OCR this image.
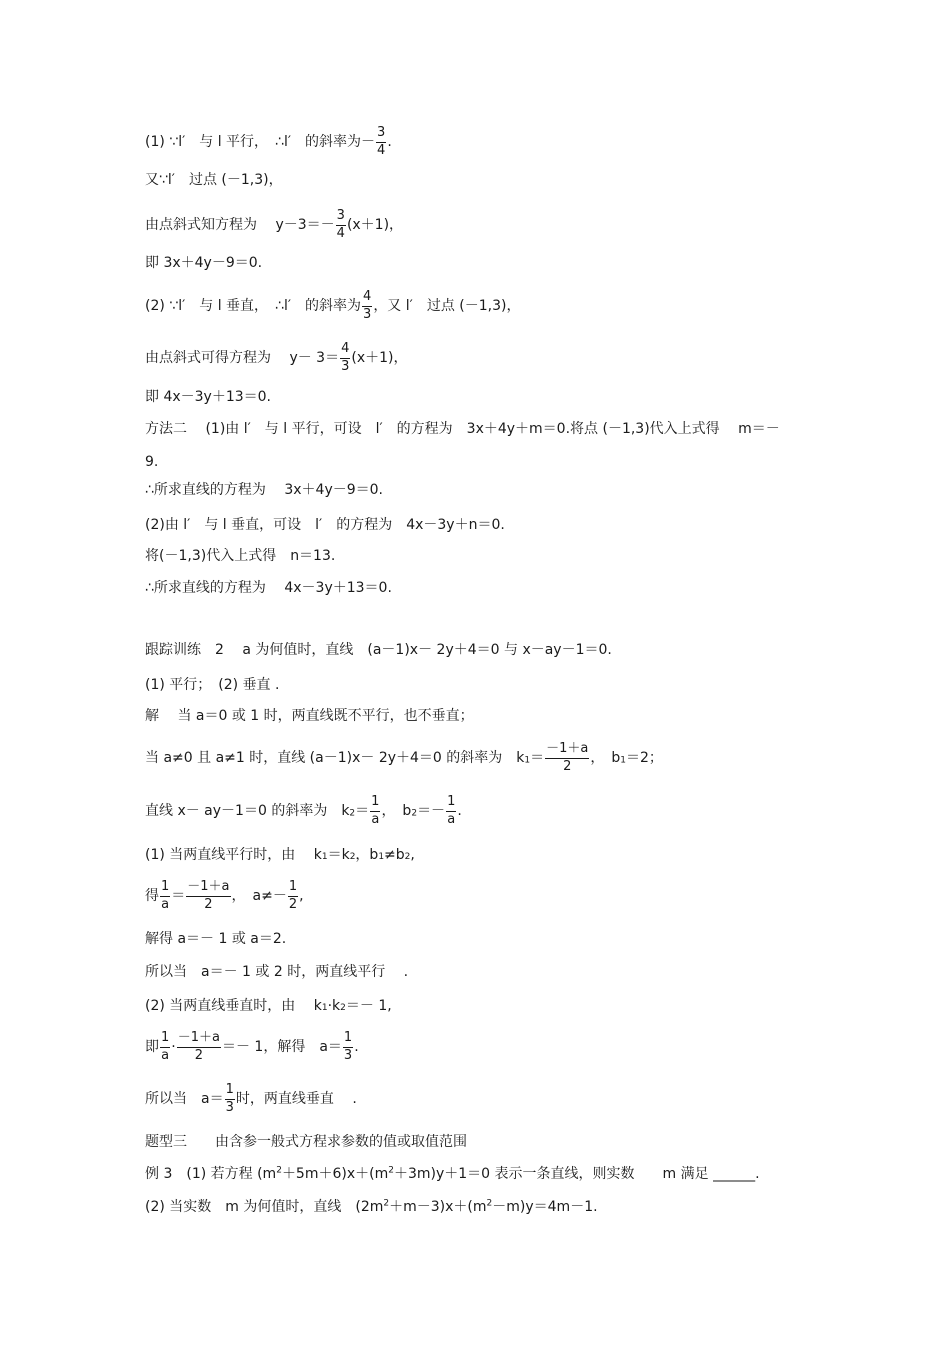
(1) ∵l′　与 l 平行，　∴l′　的斜率为－ $\frac{3}{4}$ .
又∵l′　过点 (－1,3)，
由点斜式知方程为　 $y-3=- \frac{3}{4} (x+1)$，
即 3x＋4y－9＝0.
(2) ∵l′　与 l 垂直，　∴l′　的斜率为 $\frac{4}{3}$ ，又 l′　过点 (－1,3)，
由点斜式可得方程为　 $y- 3= \frac{4}{3} (x+1)$，
即 4x－3y＋13＝0.
方法二　 (1)由 l′　与 l 平行，可设　l′　的方程为　3x＋4y＋m＝0.将点 (－1,3)代入上式得　 m＝－
9.
∴所求直线的方程为　 3x＋4y－9＝0.
(2)由 l′　与 l 垂直，可设　l′　的方程为　4x－3y＋n＝0.
将(－1,3)代入上式得　n＝13.
∴所求直线的方程为　 4x－3y＋13＝0.
跟踪训练　2　 a 为何值时，直线　(a－1)x－ 2y＋4＝0 与 x－ay－1＝0.
(1) 平行；　(2) 垂直 .
解　 当 a＝0 或 1 时，两直线既不平行，也不垂直；
当 a≠0 且 a≠1 时，直线 (a－1)x－ 2y＋4＝0 的斜率为　$k1= \frac{-1+a}{2}$ ，　b1＝2；
直线 x－ ay－1＝0 的斜率为　$k2= \frac{1}{a}$ ，　$b2=- \frac{1}{a}$ .
(1) 当两直线平行时，由　 k1＝k2，b1≠b2,
得 $\frac{1}{a} = \frac{-1+a}{2}$ ，　$a\ne- \frac{1}{2}$ ,
解得 a＝－ 1 或 a＝2.
所以当　a＝－ 1 或 2 时，两直线平行　 .
(2) 当两直线垂直时，由　 k1·k2＝－ 1,
即 $\frac{1}{a} \cdot \frac{-1+a}{2} =- 1$，解得　$a= \frac{1}{3}$ .
所以当　$a= \frac{1}{3}$ 时，两直线垂直　 .
题型三　　由含参一般式方程求参数的值或取值范围
例 3　(1) 若方程 $(m^2+5m+6)x+(m^2+3m)y+1=0$ 表示一条直线，则实数　　m 满足 ______.
(2) 当实数　m 为何值时，直线　$(2m^2+m-3)x+(m^2-m)y=4m-1$.
